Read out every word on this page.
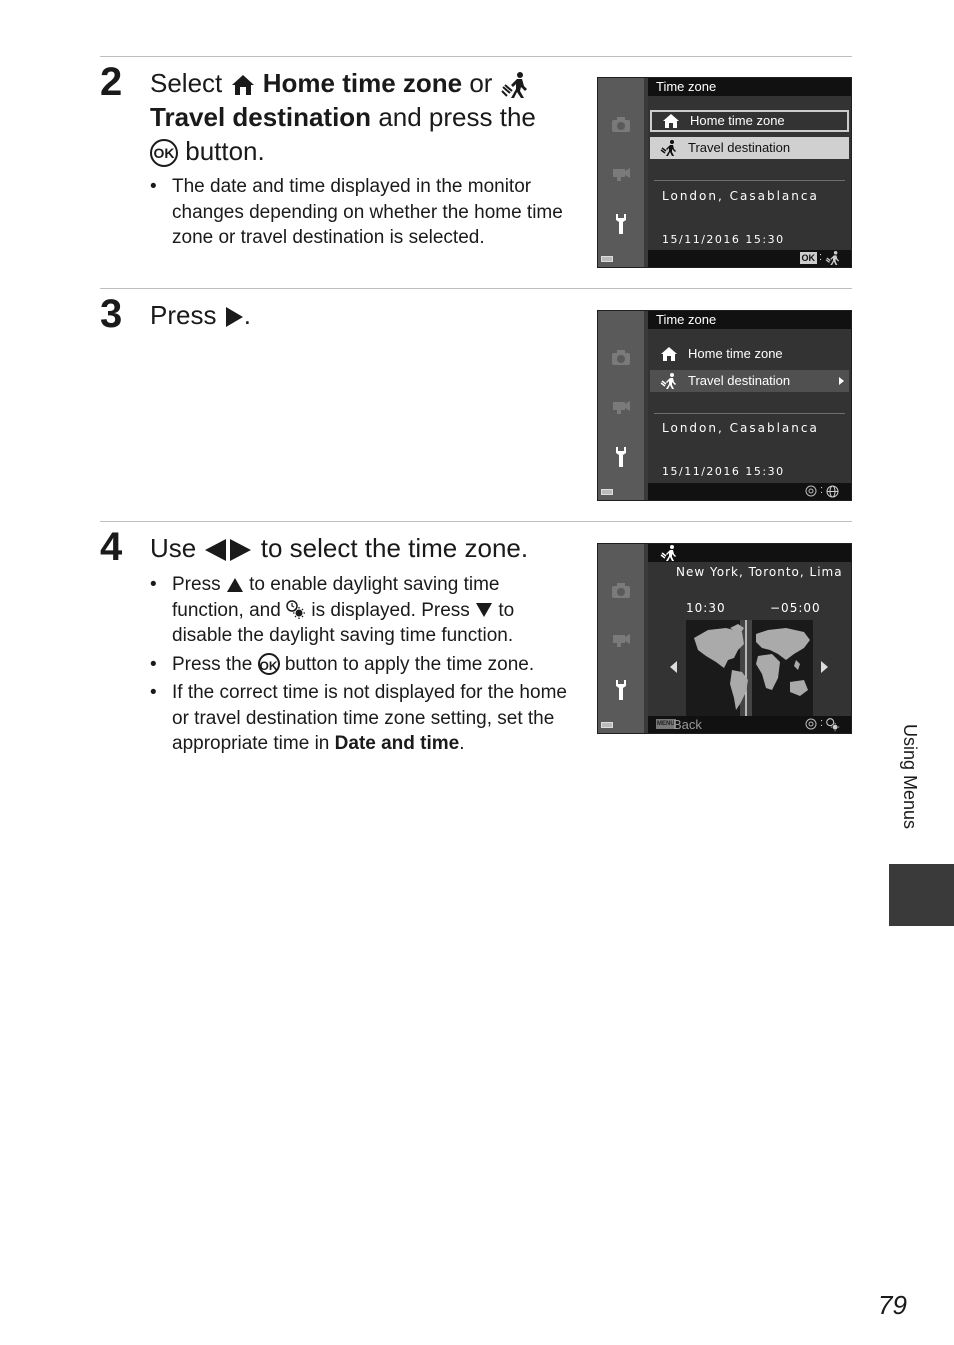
2 Select Home time zone or
Travel destination and press the
OK button.
• The date and time displayed in the monitor changes depending on whether the home time zone or travel destination is selected.
Time zone
Home time zone
Travel destination
London, Casablanca
15/11/2016 15:30
OK :
3 Press .	Time zone
Home time zone
Travel destination
London, Casablanca
15/11/2016 15:30
:
4 Use to select the time zone.
• Press to enable daylight saving time function, and is displayed. Press to disable the daylight saving time function.
• Press the OK button to apply the time zone.
• If the correct time is not displayed for the home or travel destination time zone setting, set the appropriate time in Date and time.
New York, Toronto, Lima
10:30	−05:00
MENU
Back	:
Using Menus
79
